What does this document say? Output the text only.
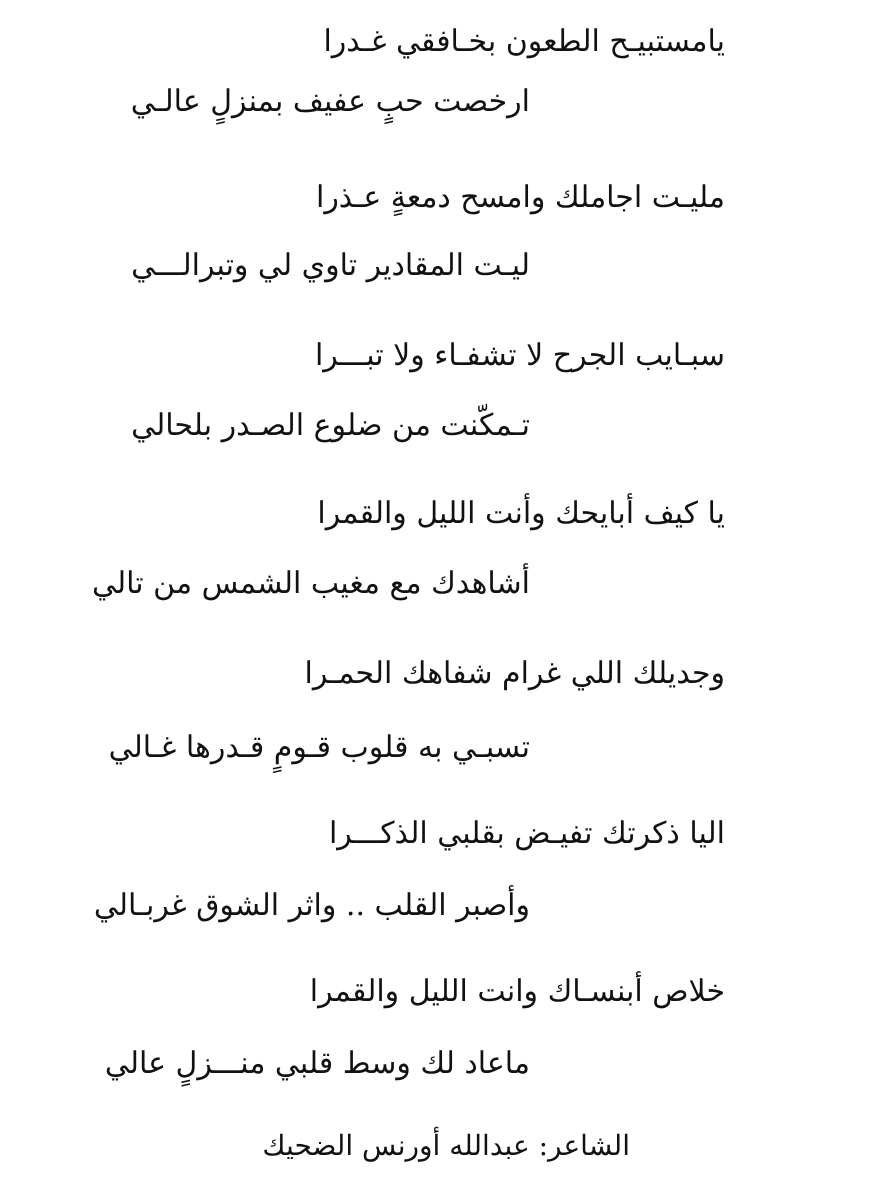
يامستبيـح الطعون بخـافقي غـدرا
ارخصت حبٍ عفيف بمنزلٍ عالـي
مليـت اجاملك وامسح دمعةٍ عـذرا
ليـت المقادير تاوي لي وتبرالـــي
سبـايب الجرح لا تشفـاء ولا تبـــرا
تـمكّنت من ضلوع الصـدر بلحالي
يا كيف أبايحك وأنت الليل والقمرا
أشاهدك مع مغيب الشمس من تالي
وجديلك اللي غرام شفاهك الحمـرا
تسبـي به قلوب قـومٍ قـدرها غـالي
اليا ذكرتك تفيـض بقلبي الذكـــرا
وأصبر القلب .. واثر الشوق غربـالي
خلاص أبنسـاك وانت الليل والقمرا
ماعاد لك وسط قلبي منـــزلٍ عالي
الشاعر: عبدالله أورنس الضحيك
